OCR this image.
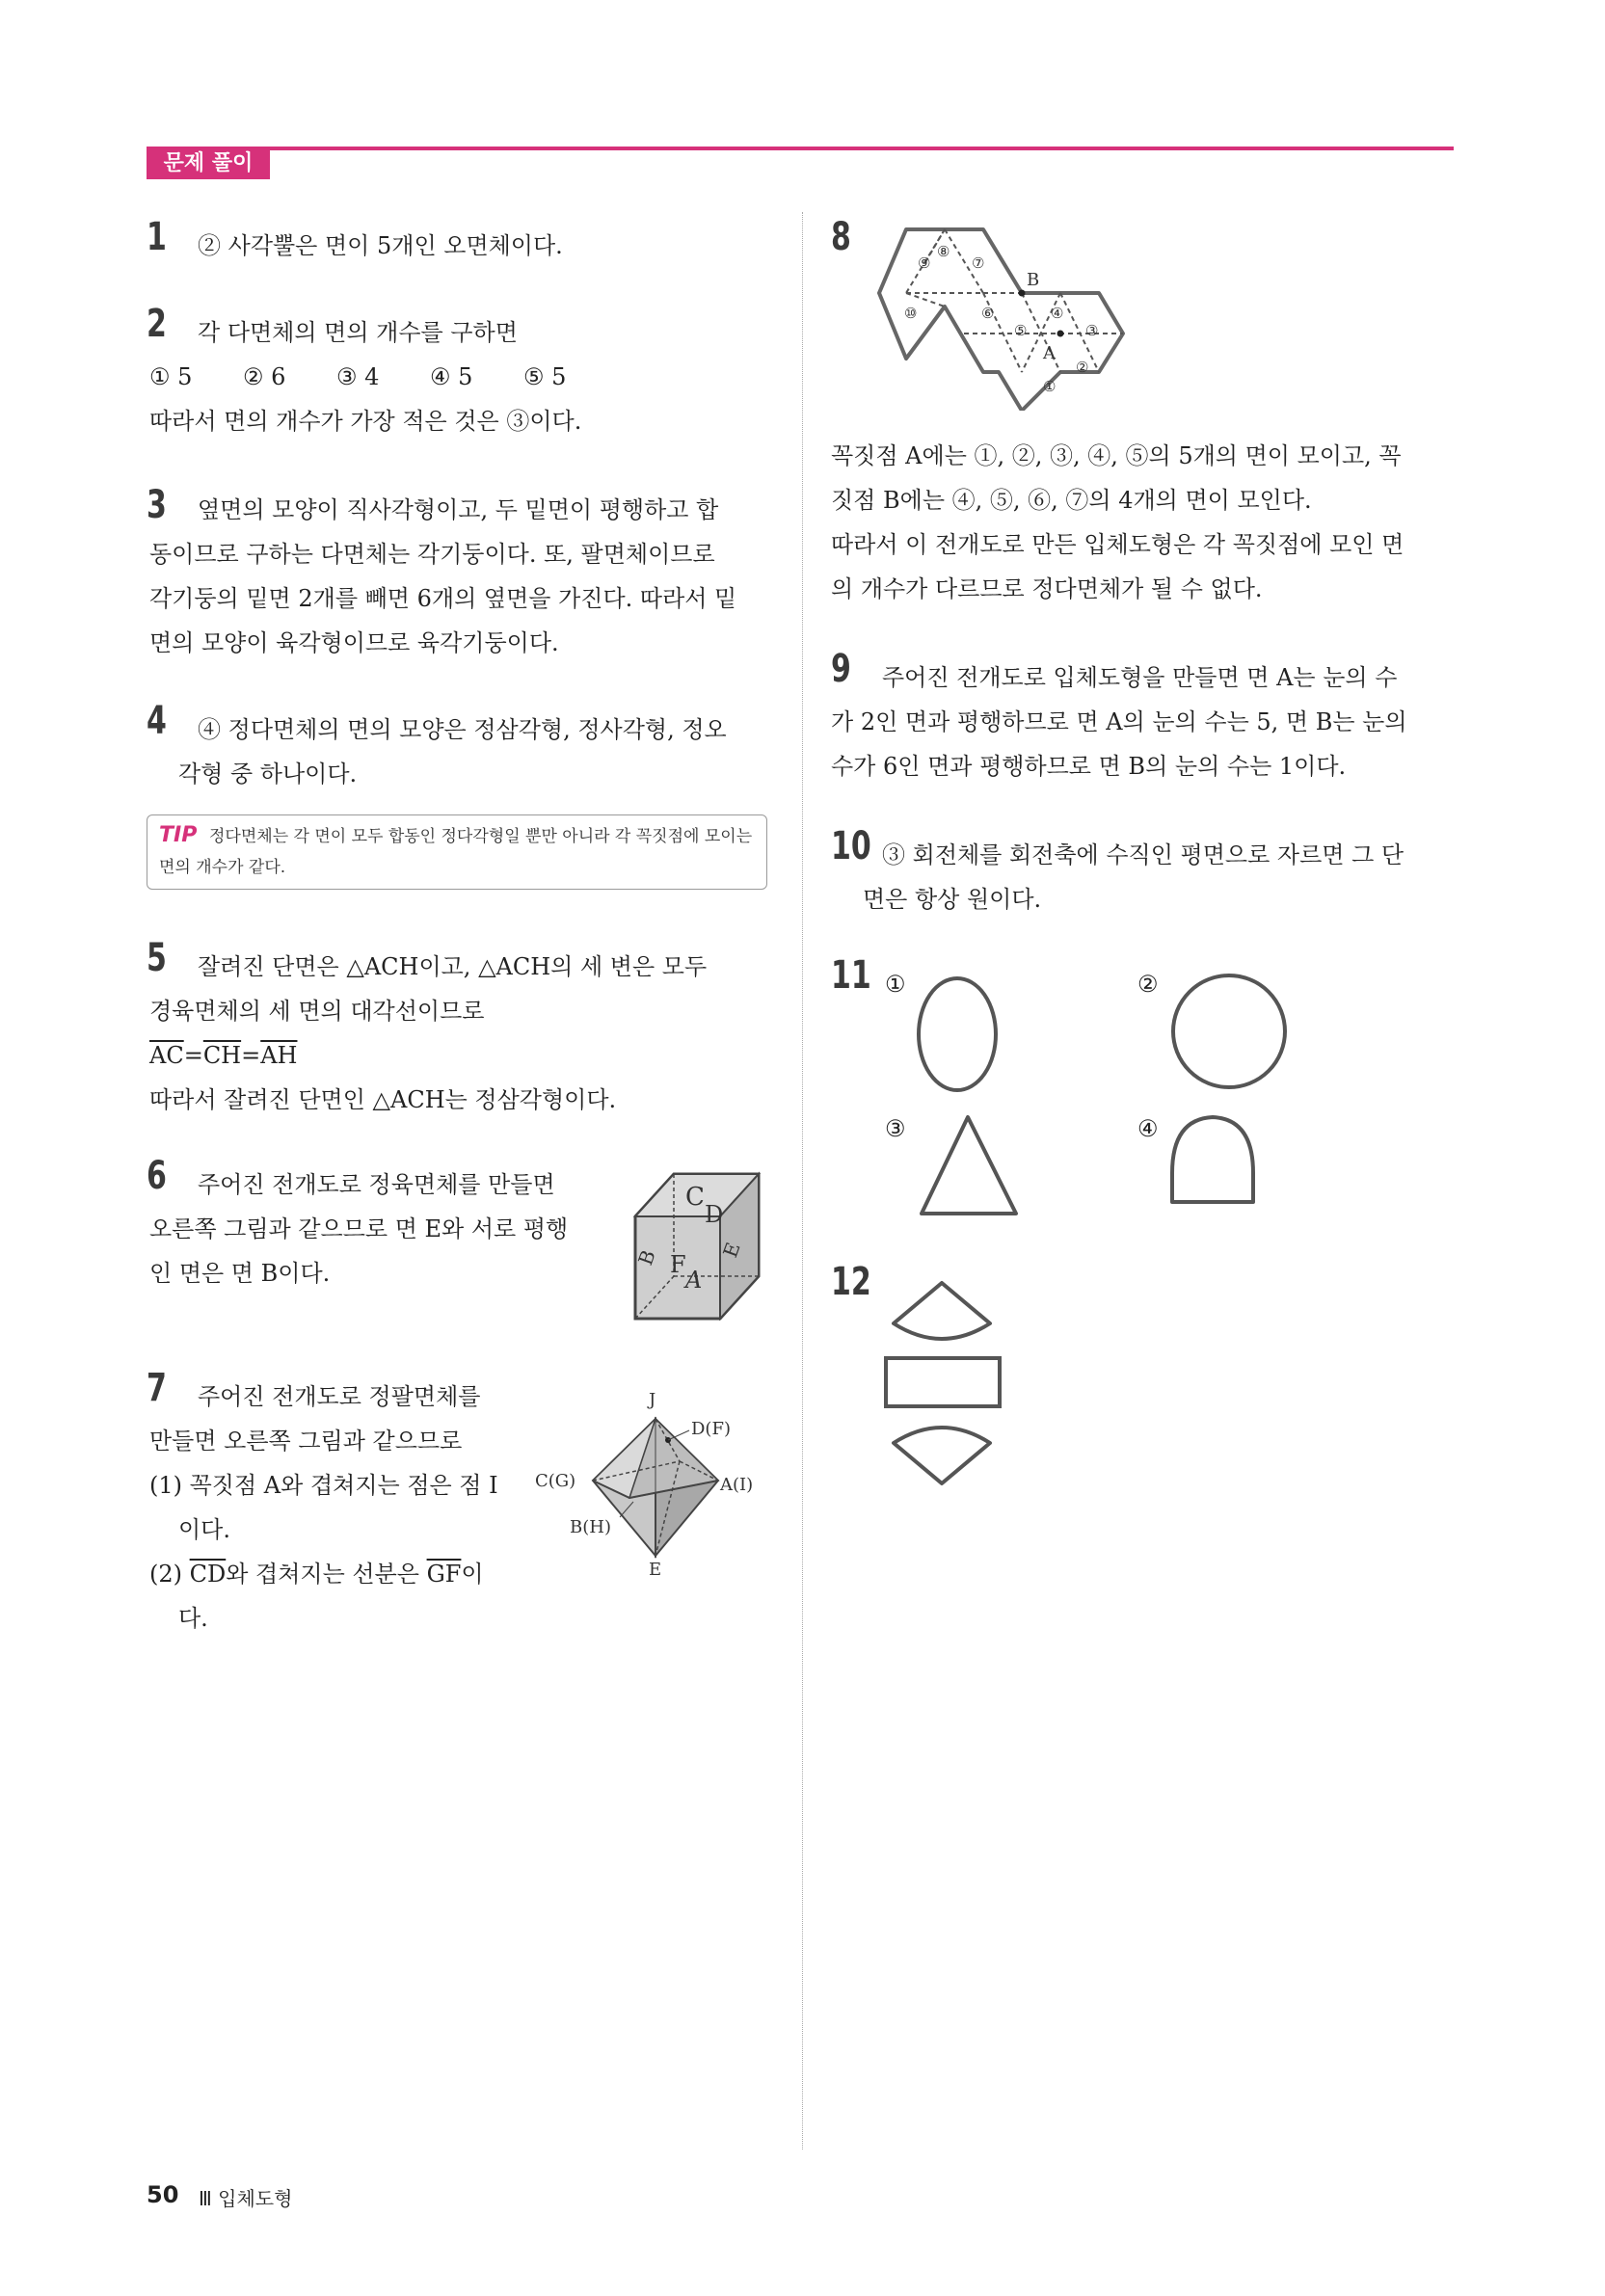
문제 풀이
1 ② 사각뿔은 면이 5개인 오면체이다.
2 각 다면체의 면의 개수를 구하면
① 5 ② 6 ③ 4 ④ 5 ⑤ 5
따라서 면의 개수가 가장 적은 것은 ③이다.
3 옆면의 모양이 직사각형이고, 두 밑면이 평행하고 합
동이므로 구하는 다면체는 각기둥이다. 또, 팔면체이므로
각기둥의 밑면 2개를 빼면 6개의 옆면을 가진다. 따라서 밑
면의 모양이 육각형이므로 육각기둥이다.
4 ④ 정다면체의 면의 모양은 정삼각형, 정사각형, 정오
각형 중 하나이다.
TIP 정다면체는 각 면이 모두 합동인 정다각형일 뿐만 아니라 각 꼭짓점에 모이는 면의 개수가 같다.
5 잘려진 단면은 △ACH이고, △ACH의 세 변은 모두
경육면체의 세 면의 대각선이므로
$\overline{AC}=\overline{CH}=\overline{AH}$
따라서 잘려진 단면인 △ACH는 정삼각형이다.
6 주어진 전개도로 정육면체를 만들면
오른쪽 그림과 같으므로 면 E와 서로 평행
인 면은 면 B이다.
C
D
F
A
B	E
7 주어진 전개도로 정팔면체를
만들면 오른쪽 그림과 같으므로
(1) 꼭짓점 A와 겹쳐지는 점은 점 I
이다.
(2) $\overline{CD}$와 겹쳐지는 선분은 $\overline{GF}$이
다.
J
D(F)
C(G)	A(I)
B(H)
E
8
⑨
⑧
⑦
⑩	⑥
⑤
④
③
②
①
B
A
꼭짓점 A에는 ①, ②, ③, ④, ⑤의 5개의 면이 모이고, 꼭
짓점 B에는 ④, ⑤, ⑥, ⑦의 4개의 면이 모인다.
따라서 이 전개도로 만든 입체도형은 각 꼭짓점에 모인 면
의 개수가 다르므로 정다면체가 될 수 없다.
9 주어진 전개도로 입체도형을 만들면 면 A는 눈의 수
가 2인 면과 평행하므로 면 A의 눈의 수는 5, 면 B는 눈의
수가 6인 면과 평행하므로 면 B의 눈의 수는 1이다.
10 ③ 회전체를 회전축에 수직인 평면으로 자르면 그 단
면은 항상 원이다.
11 ①	②
③	④
12
50 Ⅲ 입체도형
